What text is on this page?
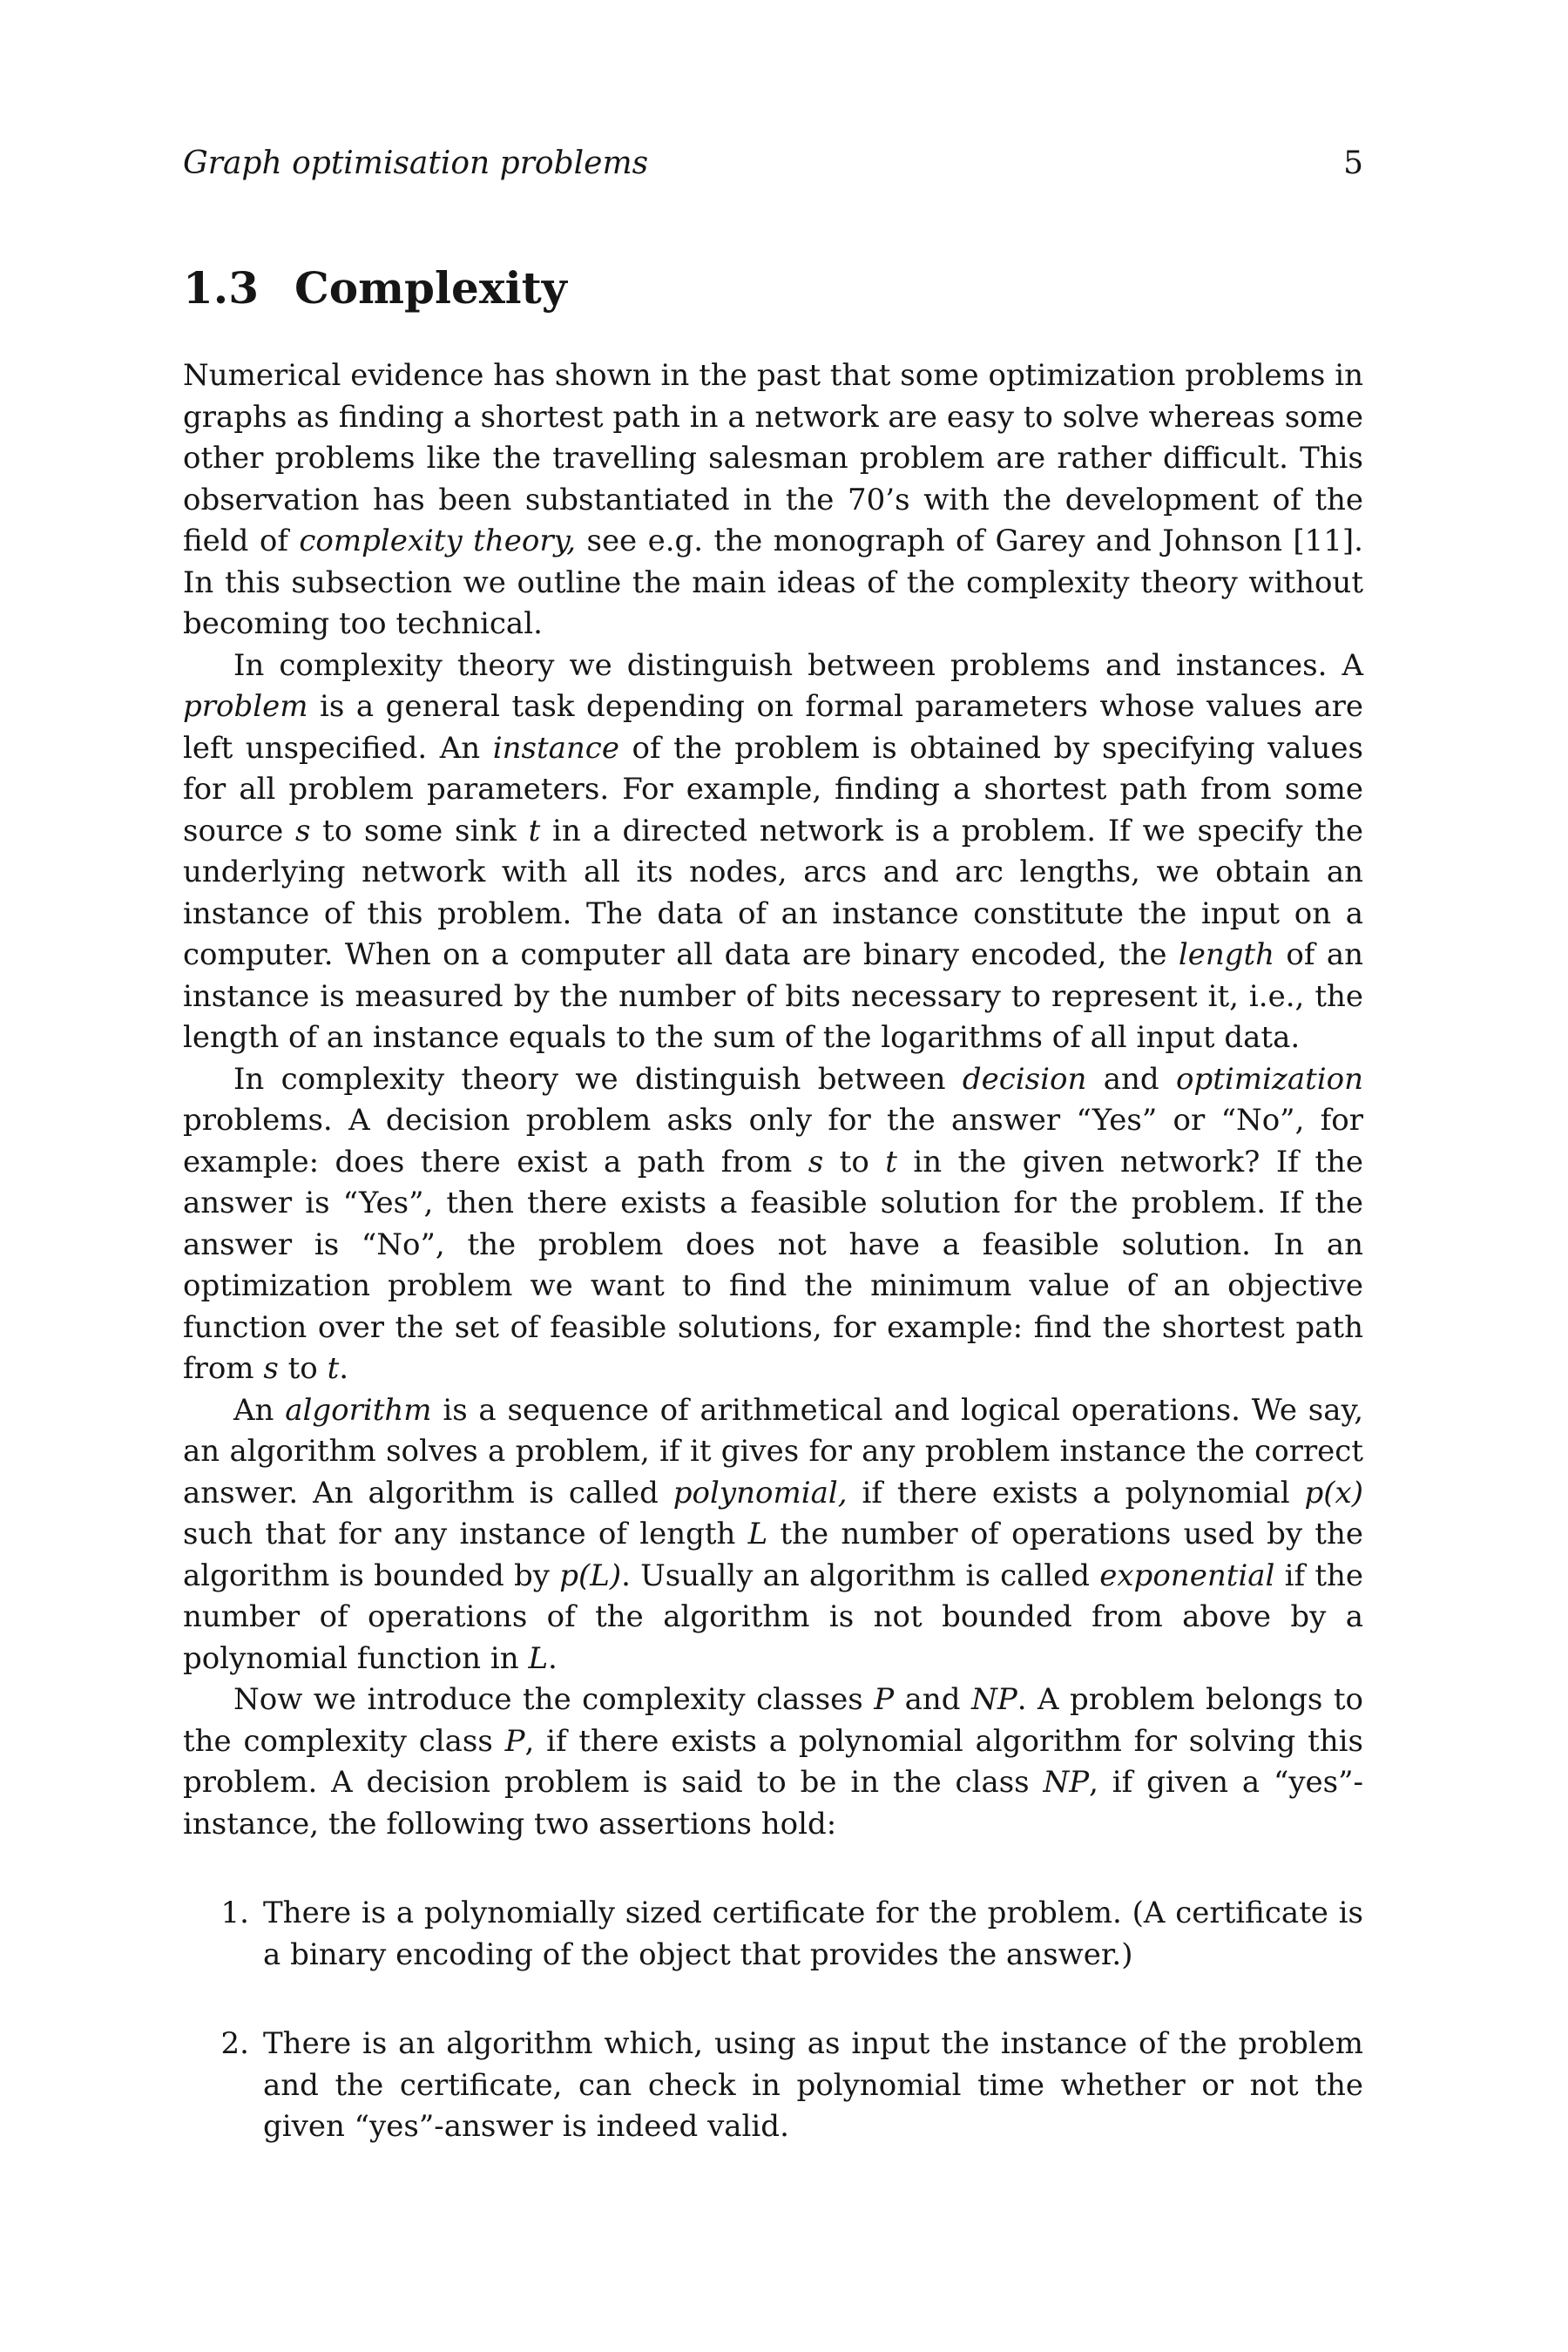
Graph optimisation problems	5
1.3 Complexity

Numerical evidence has shown in the past that some optimization problems in graphs as finding a shortest path in a network are easy to solve whereas some other problems like the travelling salesman problem are rather difficult. This observation has been substantiated in the 70’s with the development of the field of complexity theory, see e.g. the monograph of Garey and Johnson [11]. In this subsection we outline the main ideas of the complexity theory without becoming too technical.

In complexity theory we distinguish between problems and instances. A problem is a general task depending on formal parameters whose values are left unspecified. An instance of the problem is obtained by specifying values for all problem parameters. For example, finding a shortest path from some source s to some sink t in a directed network is a problem. If we specify the underlying network with all its nodes, arcs and arc lengths, we obtain an instance of this problem. The data of an instance constitute the input on a computer. When on a computer all data are binary encoded, the length of an instance is measured by the number of bits necessary to represent it, i.e., the length of an instance equals to the sum of the logarithms of all input data.

In complexity theory we distinguish between decision and optimization problems. A decision problem asks only for the answer “Yes” or “No”, for example: does there exist a path from s to t in the given network? If the answer is “Yes”, then there exists a feasible solution for the problem. If the answer is “No”, the problem does not have a feasible solution. In an optimization problem we want to find the minimum value of an objective function over the set of feasible solutions, for example: find the shortest path from s to t.

An algorithm is a sequence of arithmetical and logical operations. We say, an algorithm solves a problem, if it gives for any problem instance the correct answer. An algorithm is called polynomial, if there exists a polynomial p(x) such that for any instance of length L the number of operations used by the algorithm is bounded by p(L). Usually an algorithm is called exponential if the number of operations of the algorithm is not bounded from above by a polynomial function in L.

Now we introduce the complexity classes P and NP. A problem belongs to the complexity class P, if there exists a polynomial algorithm for solving this problem. A decision problem is said to be in the class NP, if given a “yes”-instance, the following two assertions hold:

1. There is a polynomially sized certificate for the problem. (A certificate is a binary encoding of the object that provides the answer.)
2. There is an algorithm which, using as input the instance of the problem and the certificate, can check in polynomial time whether or not the given “yes”-answer is indeed valid.
